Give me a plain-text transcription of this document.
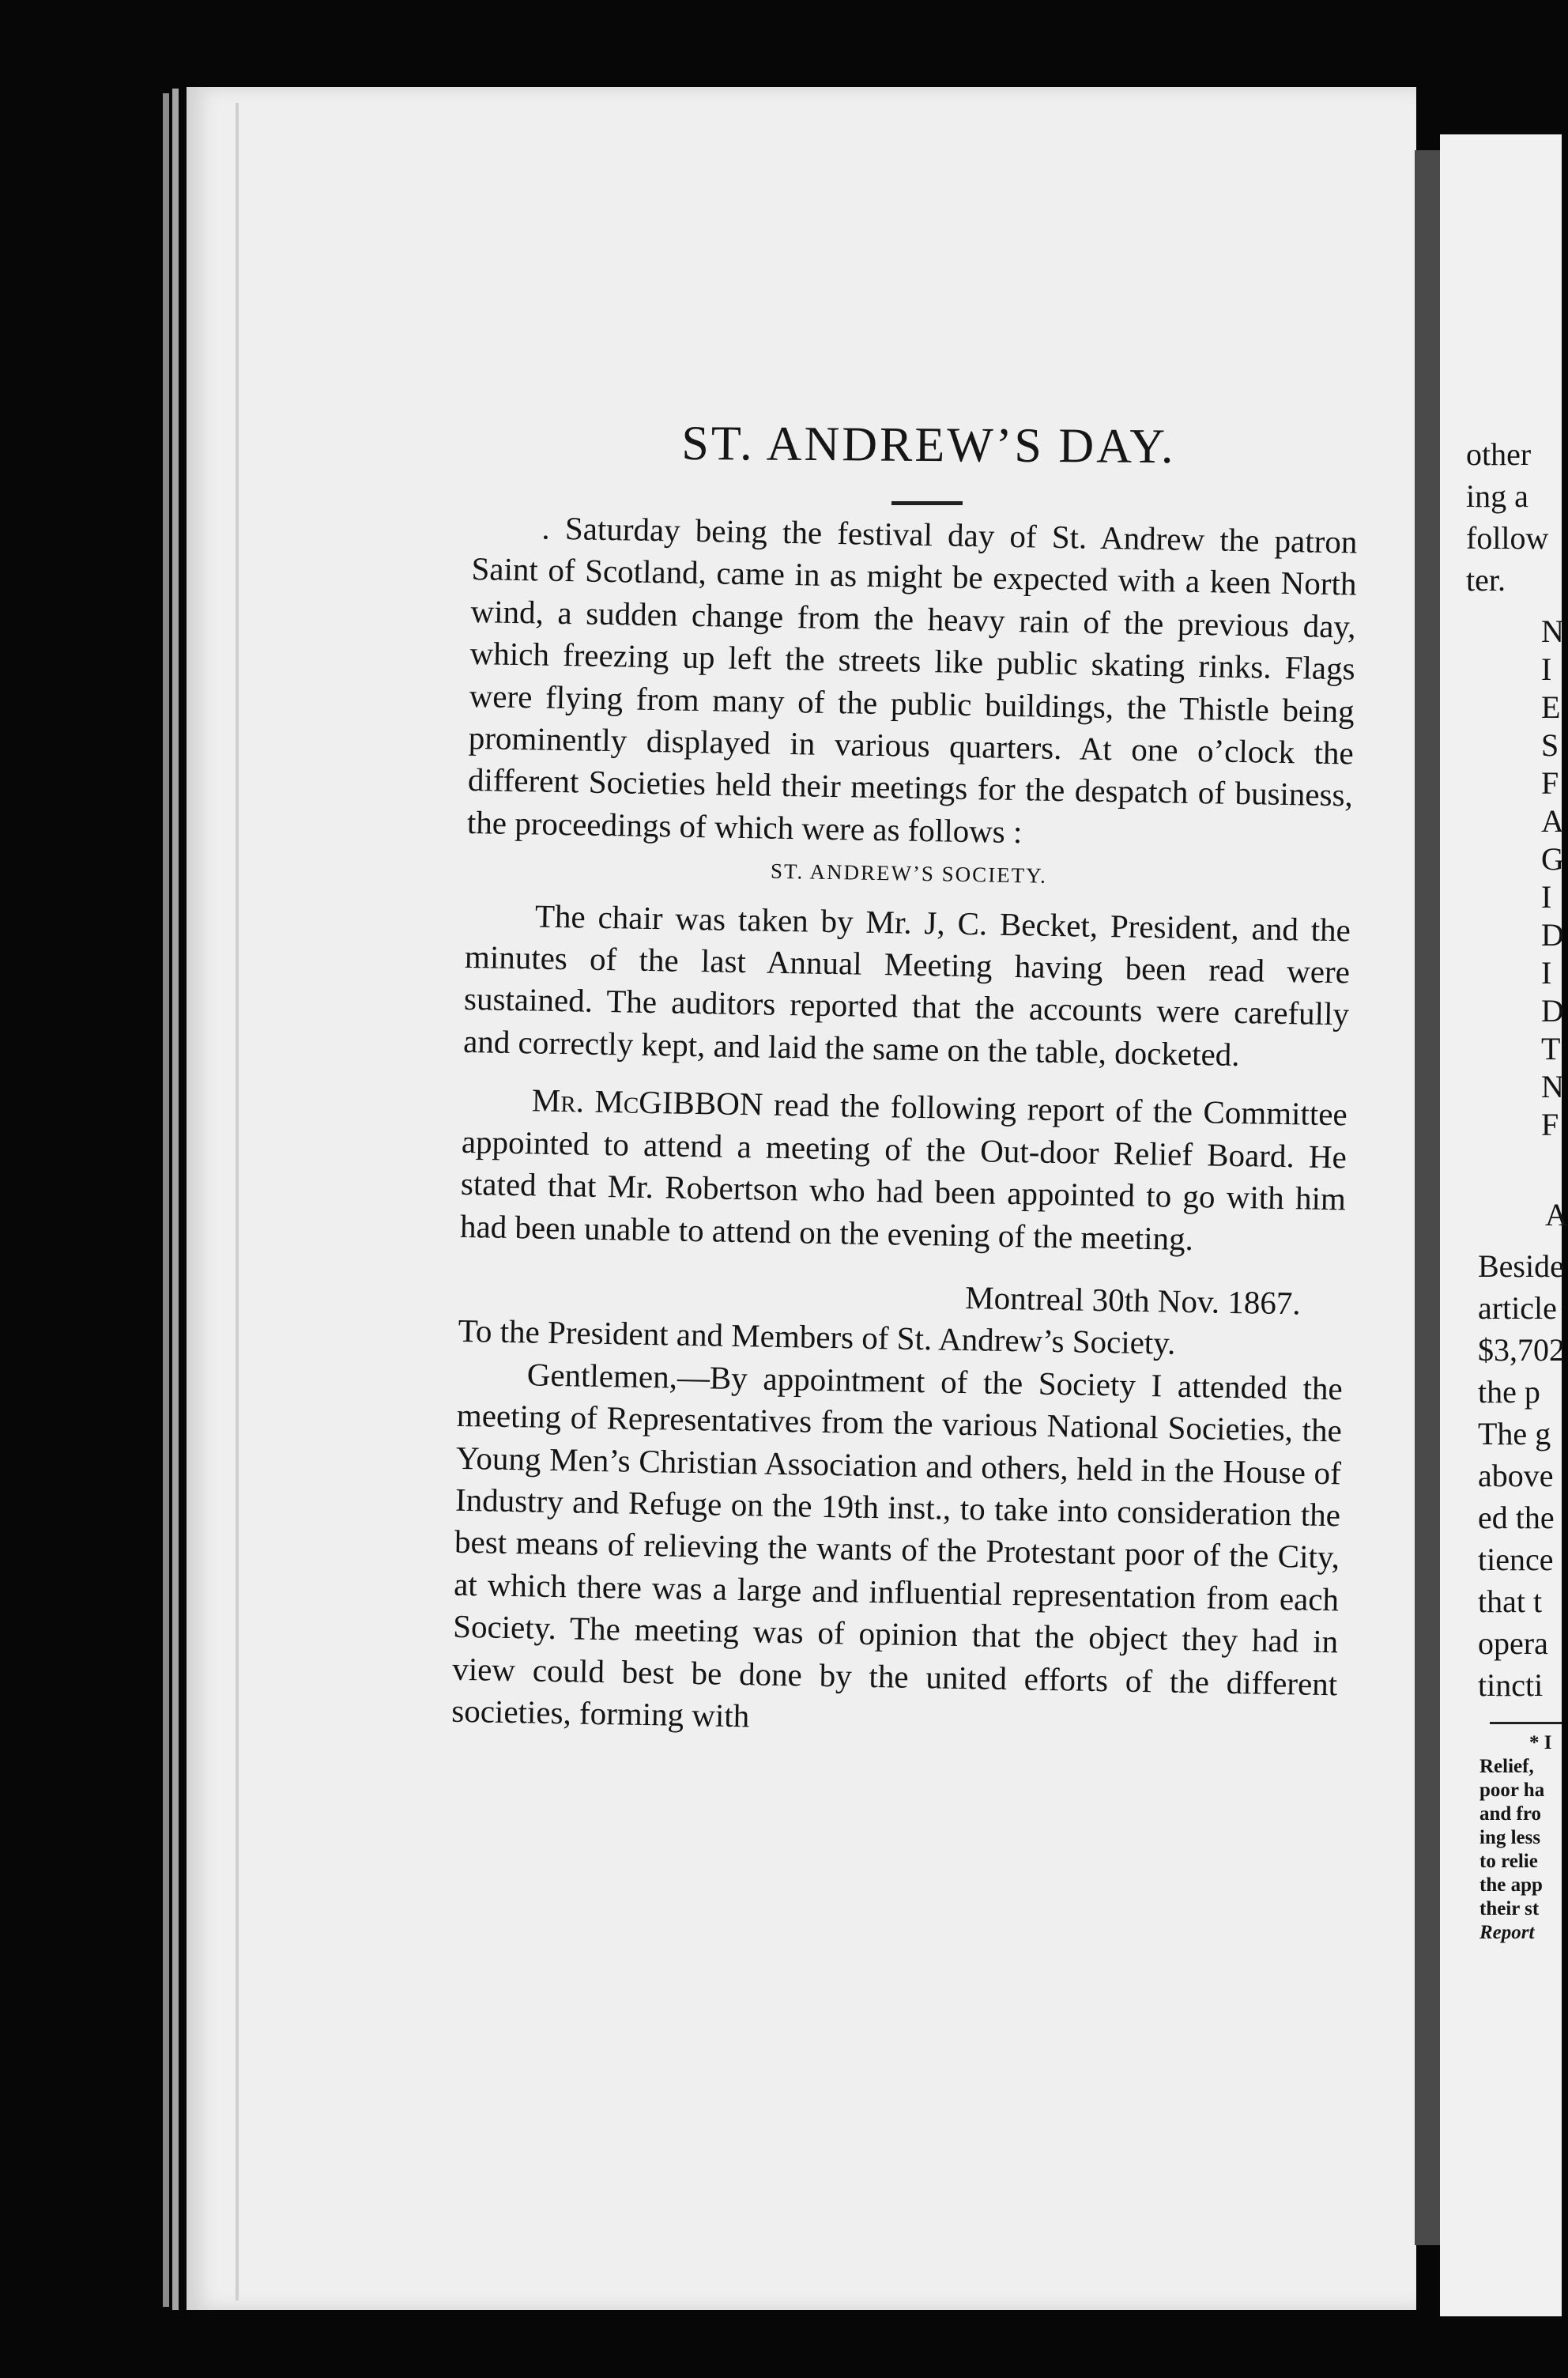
ST. ANDREW’S DAY.

. Saturday being the festival day of St. Andrew the patron Saint of Scotland, came in as might be expected with a keen North wind, a sudden change from the heavy rain of the previous day, which freezing up left the streets like public skating rinks. Flags were flying from many of the public buildings, the Thistle being prominently displayed in various quarters. At one o’clock the different Societies held their meetings for the despatch of business, the proceedings of which were as follows :

ST. ANDREW’S SOCIETY.

The chair was taken by Mr. J, C. Becket, President, and the minutes of the last Annual Meeting having been read were sustained. The auditors reported that the accounts were carefully and correctly kept, and laid the same on the table, docketed.

Mr. McGIBBON read the following report of the Committee appointed to attend a meeting of the Out-door Relief Board. He stated that Mr. Robertson who had been appointed to go with him had been unable to attend on the evening of the meeting.

Montreal 30th Nov. 1867.

To the President and Members of St. Andrew’s Society.

Gentlemen,—By appointment of the Society I attended the meeting of Representatives from the various National Societies, the Young Men’s Christian Association and others, held in the House of Industry and Refuge on the 19th inst., to take into consideration the best means of relieving the wants of the Protestant poor of the City, at which there was a large and influential representation from each Society. The meeting was of opinion that the object they had in view could best be done by the united efforts of the different societies, forming with

other
ing a
follow
ter.
N
I
E
S
F
A
G
I
D
I
D
T
N
F
A
Beside
article
$3,702
the p
The g
above
ed the
tience
that t
opera
tincti
* I
Relief,
poor ha
and fro
ing less
to relie
the app
their st
Report
